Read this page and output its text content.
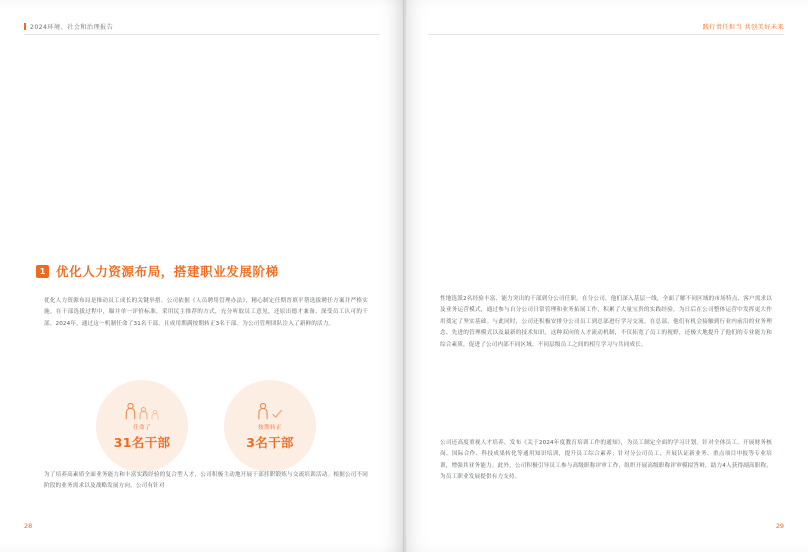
2024环境、社会和治理报告
28
1 优化人力资源布局，搭建职业发展阶梯
优化人力资源布局是推动员工成长的关键举措。公司依据《人员聘用管理办法》，精心制定任期晋填平帮选拔聘任方案并严格实施。在干部选拔过程中，瞄并单一评价标准，采用民主推荐的方式，充分听取员工意见，还原出德才兼备、深受员工认可的干部。2024年，通过这一机制任命了31名干部，且成用期满按期转正3名干部。为公司管理团队注入了新鲜的活力。
任命了
31名干部
按期转正
3名干部
为了培养高素质全面业务能力和丰富实践经验的复合型人才，公司积极主动地开展干部挂职锻炼与交流培训活动。根据公司不同阶段的业务需求以及战略发展方向，公司有针对
践行责任担当 共创美好未来
29
性地选派2名经验丰富、能力突出的干部到分公司任职。在分公司，他们深入基层一线，全面了解不同区域的市场特点、客户需求以及业务运营模式，通过参与自分公司日常管理和业务拓展工作，积累了大量宝贵的实践经验，为日后在公司整体运营中发挥更大作用奠定了坚实基础。与此同时，公司还积极安排分公司员工到总部进行学习交流。在总部，他们有机会接触到行业内前沿的业务理念、先进的管理模式以及最新的技术知识，这种双向的人才流动机制，不仅拓宽了员工的视野，还极大地提升了他们的专业能力和综合素质，促进了公司内部不同区域、不同层级员工之间的相互学习与共同成长。
公司还高度重视人才培养，发布《关于2024年度教育培训工作的通知》，为员工制定全面的学习计划。针对全体员工、开展财务核岗、国际合作、科技成果转化等通用知识培训，提升员工综合素养；针对分公司员工，开展认证新业务、重点项目申报等专业培训，增强其业务能力。此外，公司积极引导员工参与高级职称评审工作，组织开展高级职称评审模拟答辩，助力4人获得副高职称，为员工职业发展提供有力支持。
员工成长：以人为本，激发无限潜能
在企业发展的澎湃征程中，员工无疑是被动企业前行的核心驱动力。中环联合对此有着深刻且清晰的认知，始终坚定不移地秉持“以人为本”的理念，通过多措并举，全方位的单层，全力以赴致力于员工的成长与发展，充分挖掘并激发员工的无限潜能。
